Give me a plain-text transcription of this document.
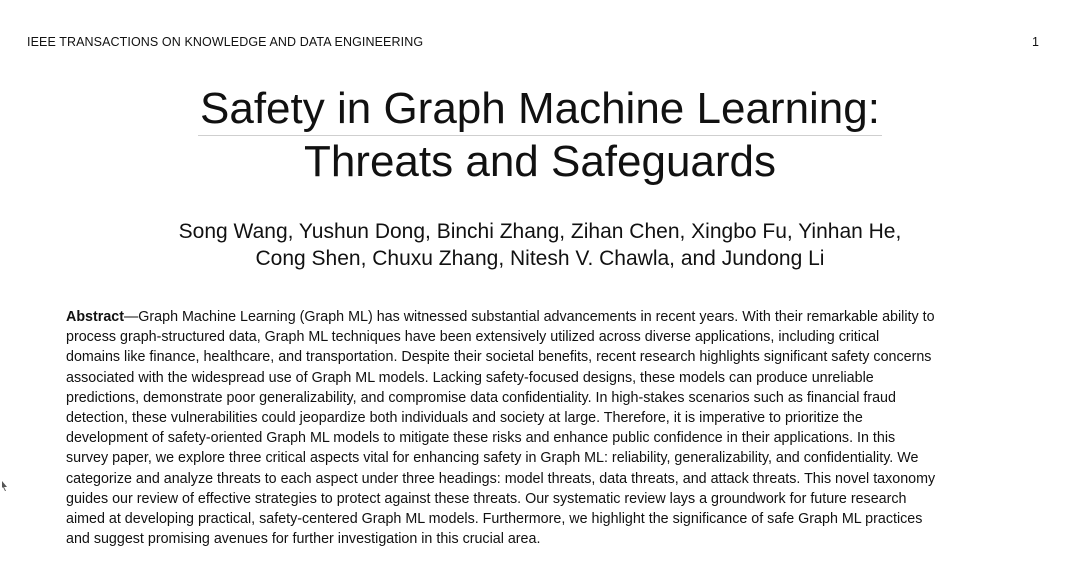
IEEE TRANSACTIONS ON KNOWLEDGE AND DATA ENGINEERING	1
Safety in Graph Machine Learning:
Threats and Safeguards
Song Wang, Yushun Dong, Binchi Zhang, Zihan Chen, Xingbo Fu, Yinhan He,
Cong Shen, Chuxu Zhang, Nitesh V. Chawla, and Jundong Li
Abstract—Graph Machine Learning (Graph ML) has witnessed substantial advancements in recent years. With their remarkable ability to
process graph-structured data, Graph ML techniques have been extensively utilized across diverse applications, including critical
domains like finance, healthcare, and transportation. Despite their societal benefits, recent research highlights significant safety concerns
associated with the widespread use of Graph ML models. Lacking safety-focused designs, these models can produce unreliable
predictions, demonstrate poor generalizability, and compromise data confidentiality. In high-stakes scenarios such as financial fraud
detection, these vulnerabilities could jeopardize both individuals and society at large. Therefore, it is imperative to prioritize the
development of safety-oriented Graph ML models to mitigate these risks and enhance public confidence in their applications. In this
survey paper, we explore three critical aspects vital for enhancing safety in Graph ML: reliability, generalizability, and confidentiality. We
categorize and analyze threats to each aspect under three headings: model threats, data threats, and attack threats. This novel taxonomy
guides our review of effective strategies to protect against these threats. Our systematic review lays a groundwork for future research
aimed at developing practical, safety-centered Graph ML models. Furthermore, we highlight the significance of safe Graph ML practices
and suggest promising avenues for further investigation in this crucial area.
